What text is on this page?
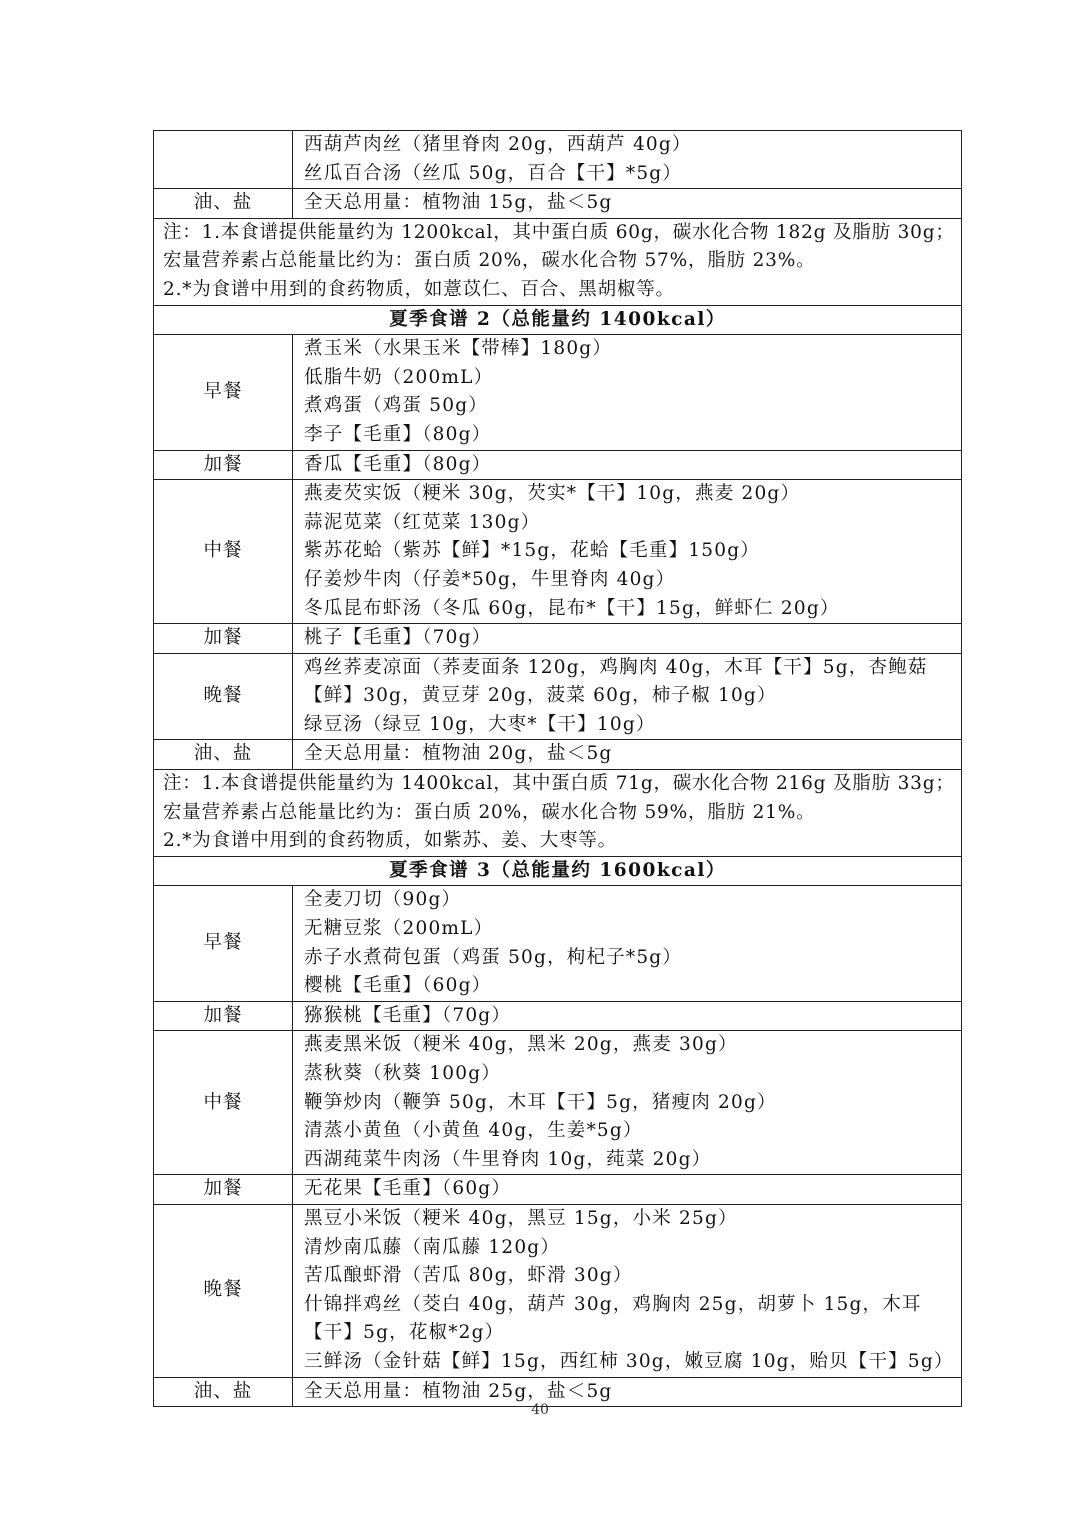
	西葫芦肉丝（猪里脊肉 20g，西葫芦 40g）
丝瓜百合汤（丝瓜 50g，百合【干】*5g）

油、盐	全天总用量：植物油 15g，盐＜5g

注：1.本食谱提供能量约为 1200kcal，其中蛋白质 60g，碳水化合物 182g 及脂肪 30g；宏量营养素占总能量比约为：蛋白质 20%，碳水化合物 57%，脂肪 23%。
2.*为食谱中用到的食药物质，如薏苡仁、百合、黑胡椒等。	

夏季食谱 2（总能量约 1400kcal）	
早餐	煮玉米（水果玉米【带棒】180g）
低脂牛奶（200mL）
煮鸡蛋（鸡蛋 50g）
李子【毛重】（80g）

加餐	香瓜【毛重】（80g）

中餐	燕麦芡实饭（粳米 30g，芡实*【干】10g，燕麦 20g）
蒜泥苋菜（红苋菜 130g）
紫苏花蛤（紫苏【鲜】*15g，花蛤【毛重】150g）
仔姜炒牛肉（仔姜*50g，牛里脊肉 40g）
冬瓜昆布虾汤（冬瓜 60g，昆布*【干】15g，鲜虾仁 20g）

加餐	桃子【毛重】（70g）

晚餐	鸡丝荞麦凉面（荞麦面条 120g，鸡胸肉 40g，木耳【干】5g，杏鲍菇【鲜】30g，黄豆芽 20g，菠菜 60g，柿子椒 10g）
绿豆汤（绿豆 10g，大枣*【干】10g）

油、盐	全天总用量：植物油 20g，盐＜5g

注：1.本食谱提供能量约为 1400kcal，其中蛋白质 71g，碳水化合物 216g 及脂肪 33g；宏量营养素占总能量比约为：蛋白质 20%，碳水化合物 59%，脂肪 21%。
2.*为食谱中用到的食药物质，如紫苏、姜、大枣等。	

夏季食谱 3（总能量约 1600kcal）	
早餐	全麦刀切（90g）
无糖豆浆（200mL）
赤子水煮荷包蛋（鸡蛋 50g，枸杞子*5g）
樱桃【毛重】（60g）

加餐	猕猴桃【毛重】（70g）

中餐	燕麦黑米饭（粳米 40g，黑米 20g，燕麦 30g）
蒸秋葵（秋葵 100g）
鞭笋炒肉（鞭笋 50g，木耳【干】5g，猪瘦肉 20g）
清蒸小黄鱼（小黄鱼 40g，生姜*5g）
西湖莼菜牛肉汤（牛里脊肉 10g，莼菜 20g）

加餐	无花果【毛重】（60g）

晚餐	黑豆小米饭（粳米 40g，黑豆 15g，小米 25g）
清炒南瓜藤（南瓜藤 120g）
苦瓜酿虾滑（苦瓜 80g，虾滑 30g）
什锦拌鸡丝（茭白 40g，葫芦 30g，鸡胸肉 25g，胡萝卜 15g，木耳【干】5g，花椒*2g）
三鲜汤（金针菇【鲜】15g，西红柿 30g，嫩豆腐 10g，贻贝【干】5g）

油、盐	全天总用量：植物油 25g，盐＜5g
40
